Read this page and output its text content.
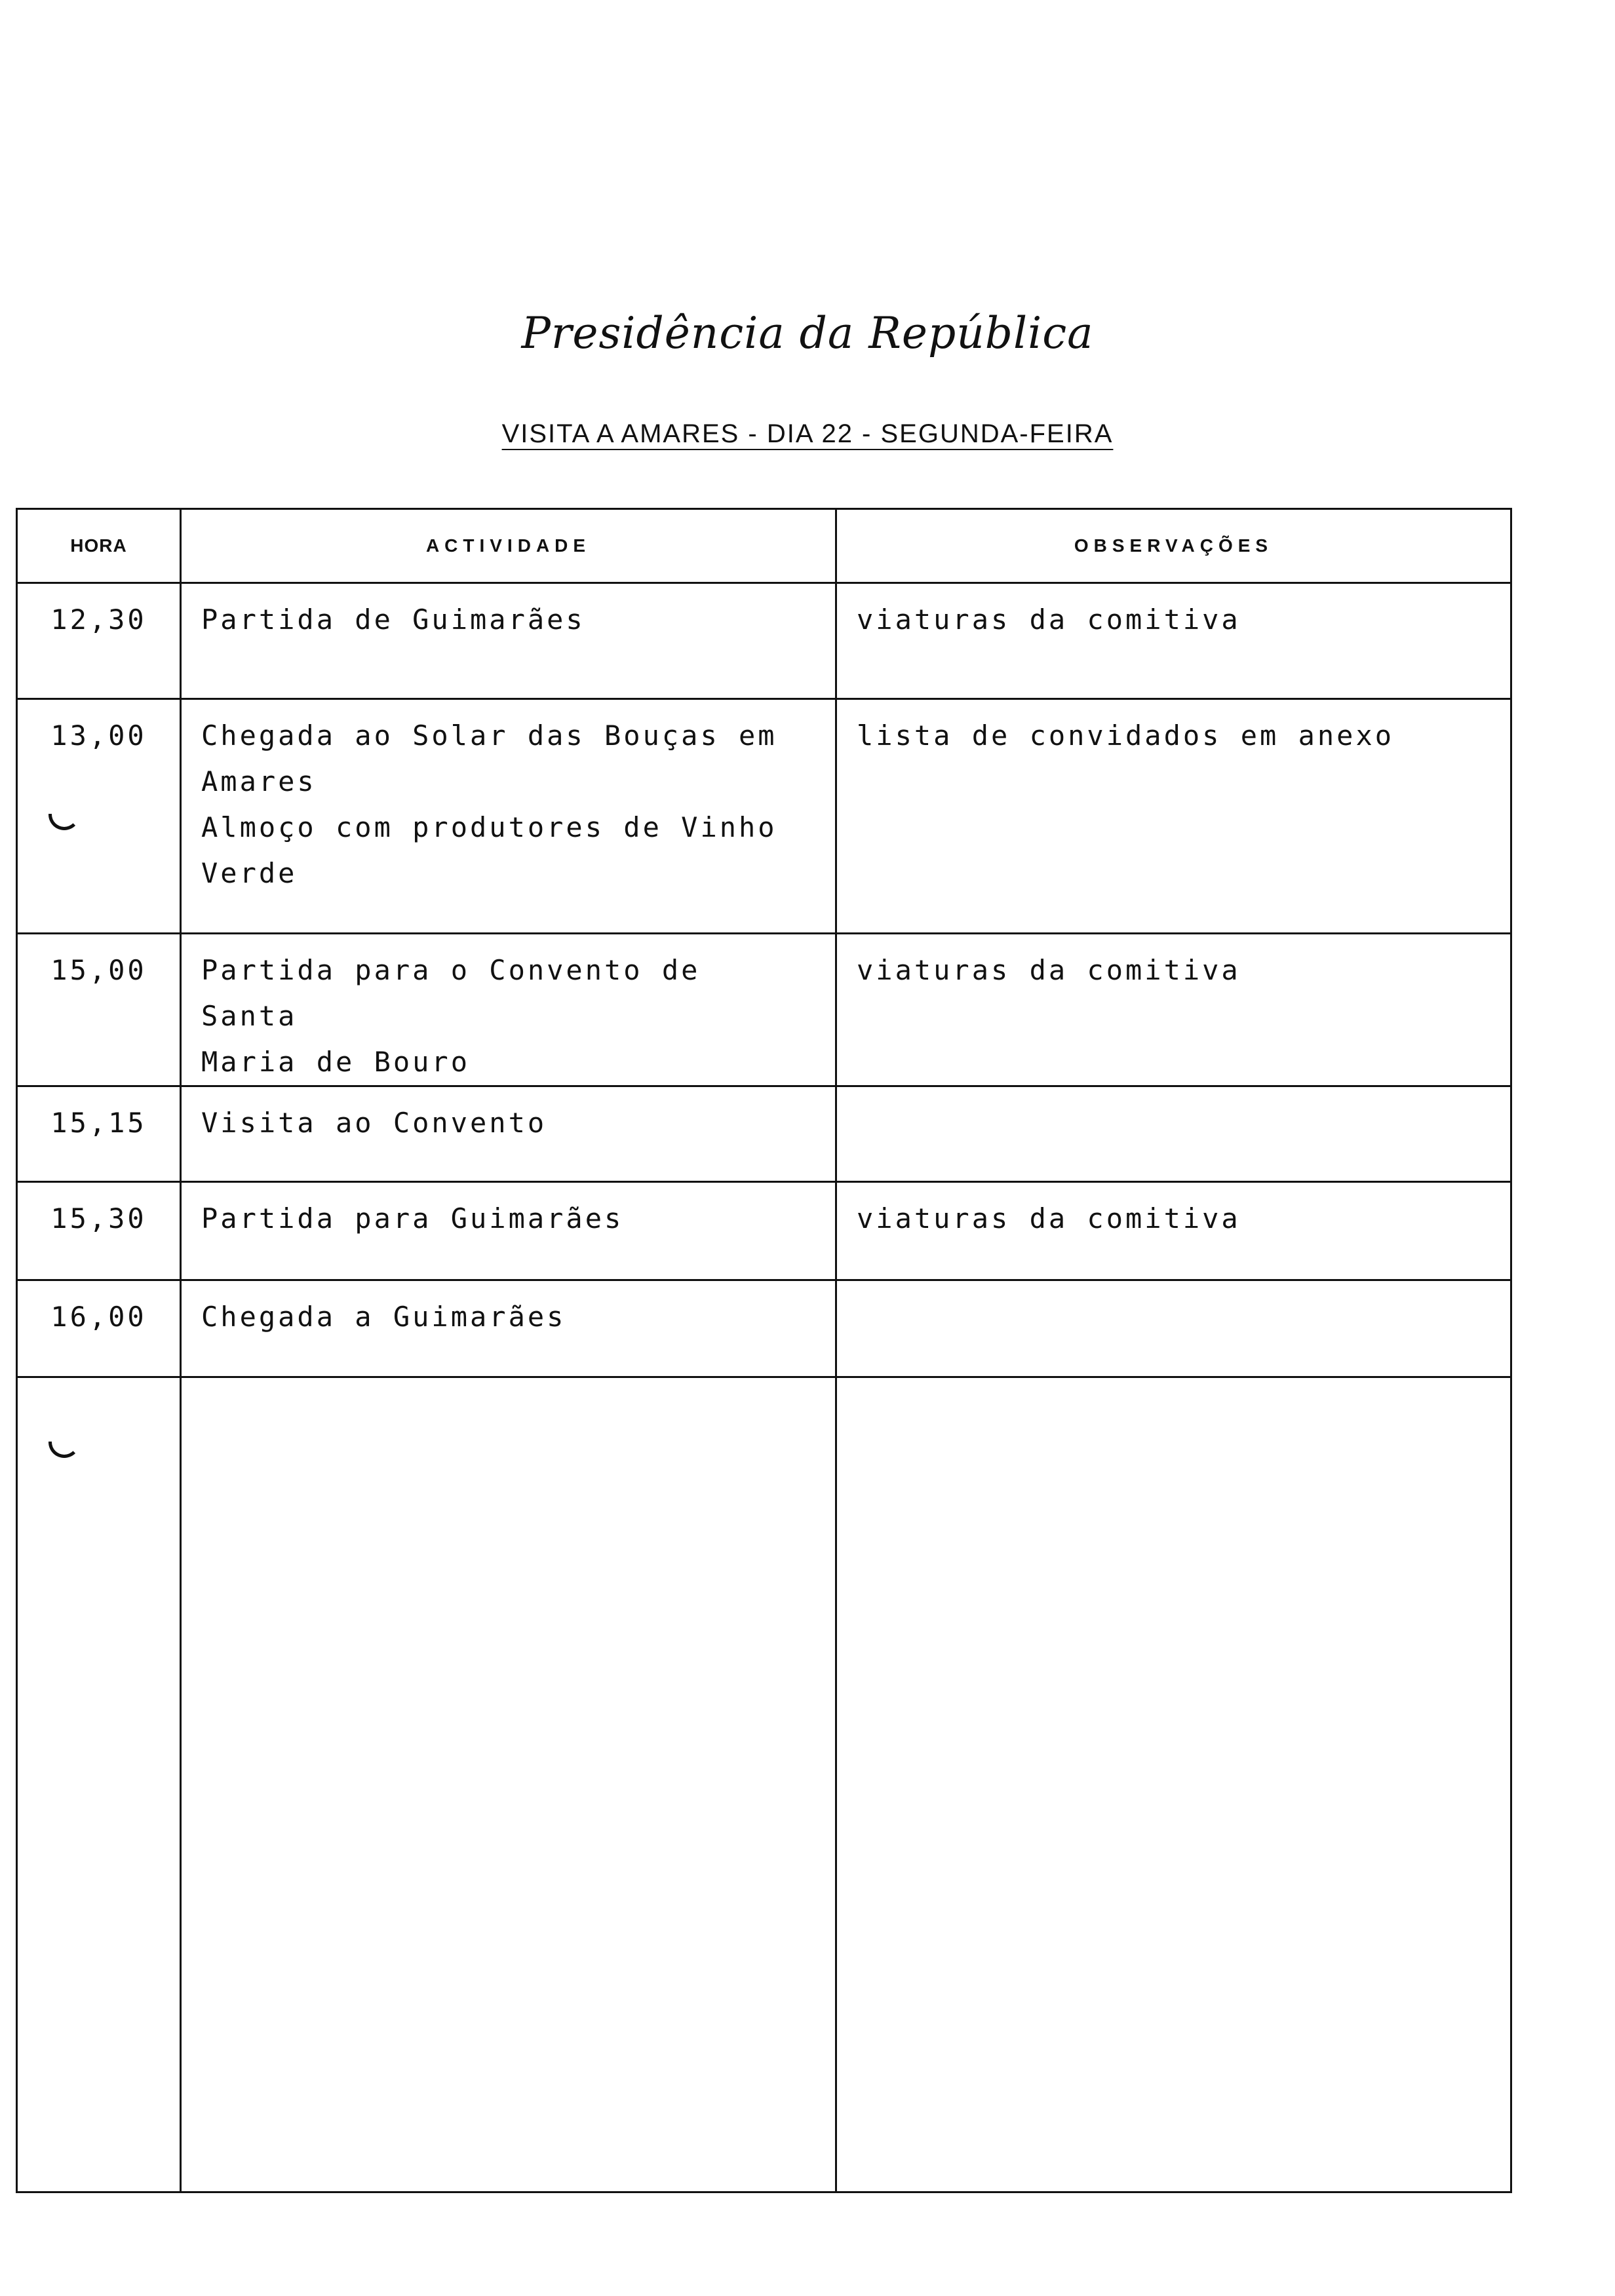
Presidência da República
VISITA A AMARES - DIA 22 - SEGUNDA-FEIRA
HORA	ACTIVIDADE	OBSERVAÇÕES

12,30	Partida de Guimarães	viaturas da comitiva

13,00	Chegada ao Solar das Bouças em
Amares
Almoço com produtores de Vinho
Verde	lista de convidados em anexo

15,00	Partida para o Convento de Santa
Maria de Bouro	viaturas da comitiva

15,15	Visita ao Convento	

15,30	Partida para Guimarães	viaturas da comitiva

16,00	Chegada a Guimarães	
